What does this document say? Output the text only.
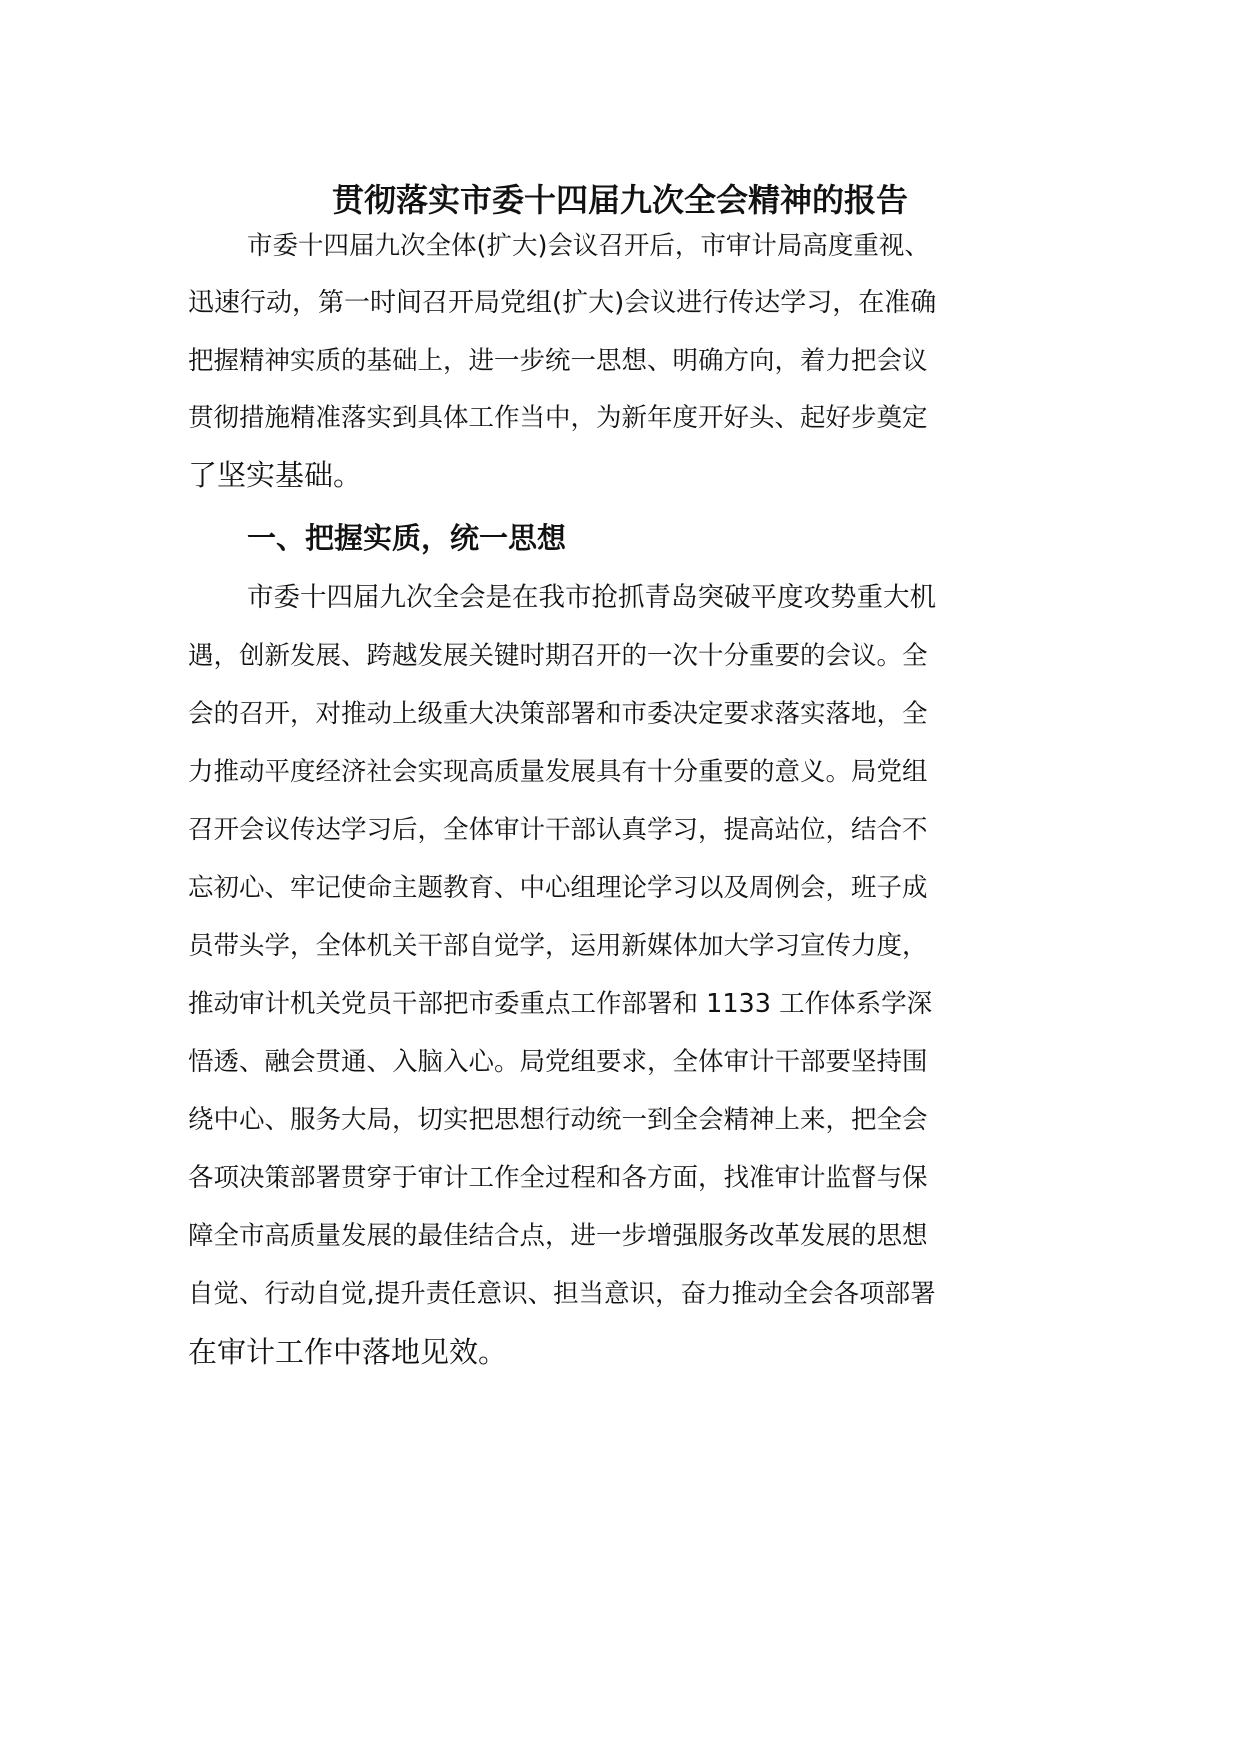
贯彻落实市委十四届九次全会精神的报告
市委十四届九次全体(扩大)会议召开后，市审计局高度重视、
迅速行动，第一时间召开局党组(扩大)会议进行传达学习，在准确
把握精神实质的基础上，进一步统一思想、明确方向，着力把会议
贯彻措施精准落实到具体工作当中，为新年度开好头、起好步奠定
了坚实基础。
一、把握实质，统一思想
市委十四届九次全会是在我市抢抓青岛突破平度攻势重大机
遇，创新发展、跨越发展关键时期召开的一次十分重要的会议。全
会的召开，对推动上级重大决策部署和市委决定要求落实落地，全
力推动平度经济社会实现高质量发展具有十分重要的意义。局党组
召开会议传达学习后，全体审计干部认真学习，提高站位，结合不
忘初心、牢记使命主题教育、中心组理论学习以及周例会，班子成
员带头学，全体机关干部自觉学，运用新媒体加大学习宣传力度，
推动审计机关党员干部把市委重点工作部署和 1133 工作体系学深
悟透、融会贯通、入脑入心。局党组要求，全体审计干部要坚持围
绕中心、服务大局，切实把思想行动统一到全会精神上来，把全会
各项决策部署贯穿于审计工作全过程和各方面，找准审计监督与保
障全市高质量发展的最佳结合点，进一步增强服务改革发展的思想
自觉、行动自觉,提升责任意识、担当意识，奋力推动全会各项部署
在审计工作中落地见效。
